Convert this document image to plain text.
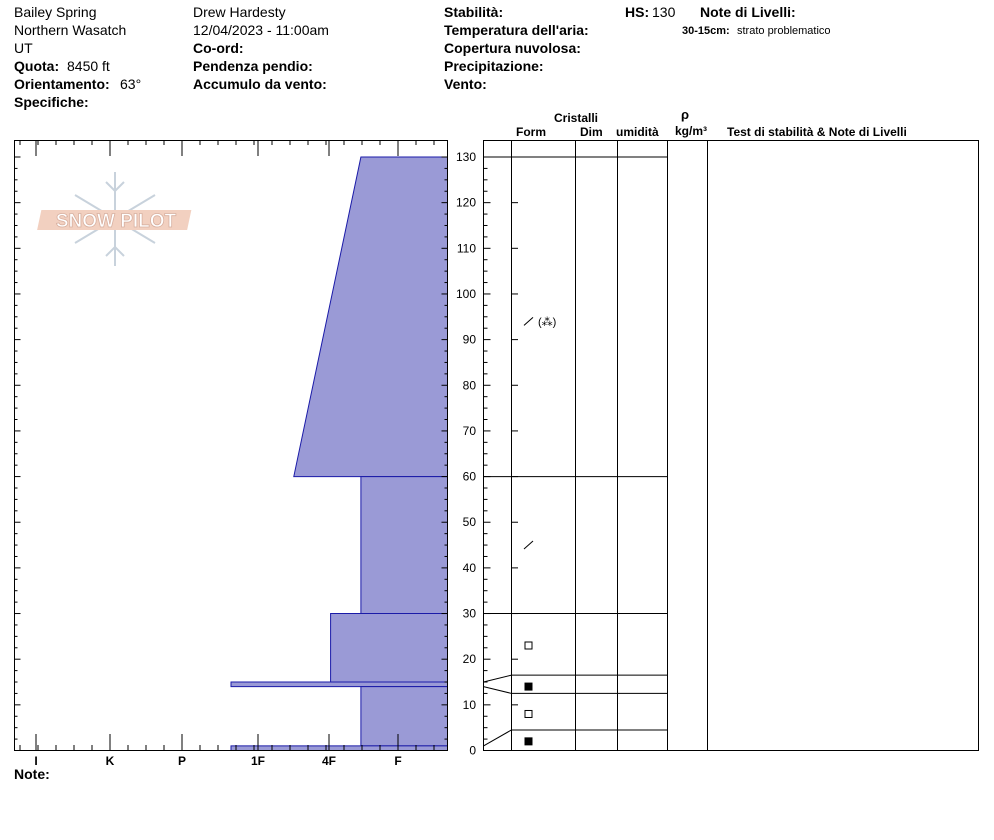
Bailey Spring
Northern Wasatch
UT
Quota: 8450 ft
Orientamento: 63°
Specifiche:
Drew Hardesty
12/04/2023 - 11:00am
Co-ord:
Pendenza pendio:
Accumulo da vento:
Stabilità:
Temperatura dell'aria:
Copertura nuvolosa:
Precipitazione:
Vento:
HS: 130 Note di Livelli:
30-15cm: strato problematico
Cristalli
Form	Dim umidità
ρ
kg/m³ Test di stabilità & Note di Livelli
Note:
SNOW PILOT
0
10
20
30
40
50
60
70
80
90
100
110
120
130
I	K	P	1F	4F	F
(⁂)
